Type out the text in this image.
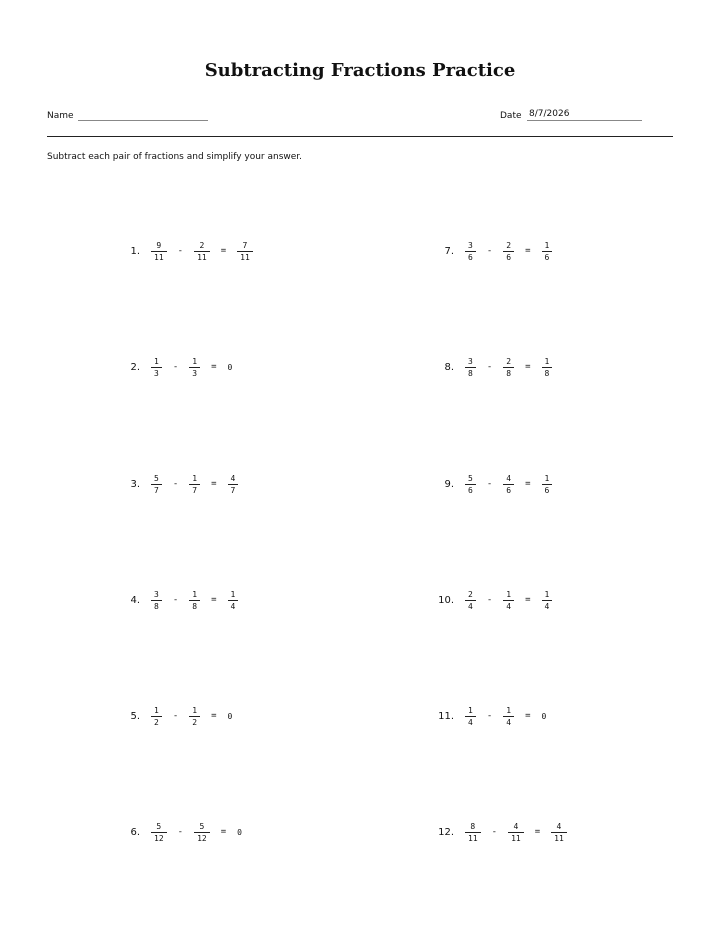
Subtracting Fractions Practice
Name	Date 8/7/2026
Subtract each pair of fractions and simplify your answer.
1. $\frac{9}{11} - \frac{2}{11} = \frac{7}{11}$
2. $\frac{1}{3} - \frac{1}{3} = 0$
3. $\frac{5}{7} - \frac{1}{7} = \frac{4}{7}$
4. $\frac{3}{8} - \frac{1}{8} = \frac{1}{4}$
5. $\frac{1}{2} - \frac{1}{2} = 0$
6. $\frac{5}{12} - \frac{5}{12} = 0$
7. $\frac{3}{6} - \frac{2}{6} = \frac{1}{6}$
8. $\frac{3}{8} - \frac{2}{8} = \frac{1}{8}$
9. $\frac{5}{6} - \frac{4}{6} = \frac{1}{6}$
10. $\frac{2}{4} - \frac{1}{4} = \frac{1}{4}$
11. $\frac{1}{4} - \frac{1}{4} = 0$
12. $\frac{8}{11} - \frac{4}{11} = \frac{4}{11}$
